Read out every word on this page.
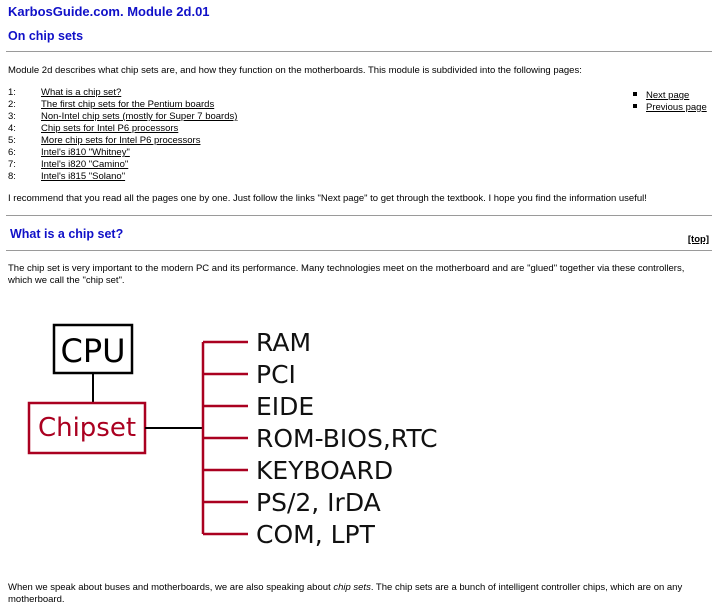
KarbosGuide.com. Module 2d.01
On chip sets
Module 2d describes what chip sets are, and how they function on the motherboards. This module is subdivided into the following pages:
1:	What is a chip set?
2:	The first chip sets for the Pentium boards
3:	Non-Intel chip sets (mostly for Super 7 boards)
4:	Chip sets for Intel P6 processors
5:	More chip sets for Intel P6 processors
6:	Intel's i810 "Whitney"
7:	Intel's i820 "Camino"
8:	Intel's i815 "Solano"
Next page
Previous page
I recommend that you read all the pages one by one. Just follow the links "Next page" to get through the textbook. I hope you find the information useful!
What is a chip set?	[top]
The chip set is very important to the modern PC and its performance. Many technologies meet on the motherboard and are "glued" together via these controllers, which we call the "chip set".
CPU
Chipset
RAM
PCI
EIDE
ROM-BIOS,RTC
KEYBOARD
PS/2, IrDA
COM, LPT
When we speak about buses and motherboards, we are also speaking about chip sets. The chip sets are a bunch of intelligent controller chips, which are on any motherboard.
